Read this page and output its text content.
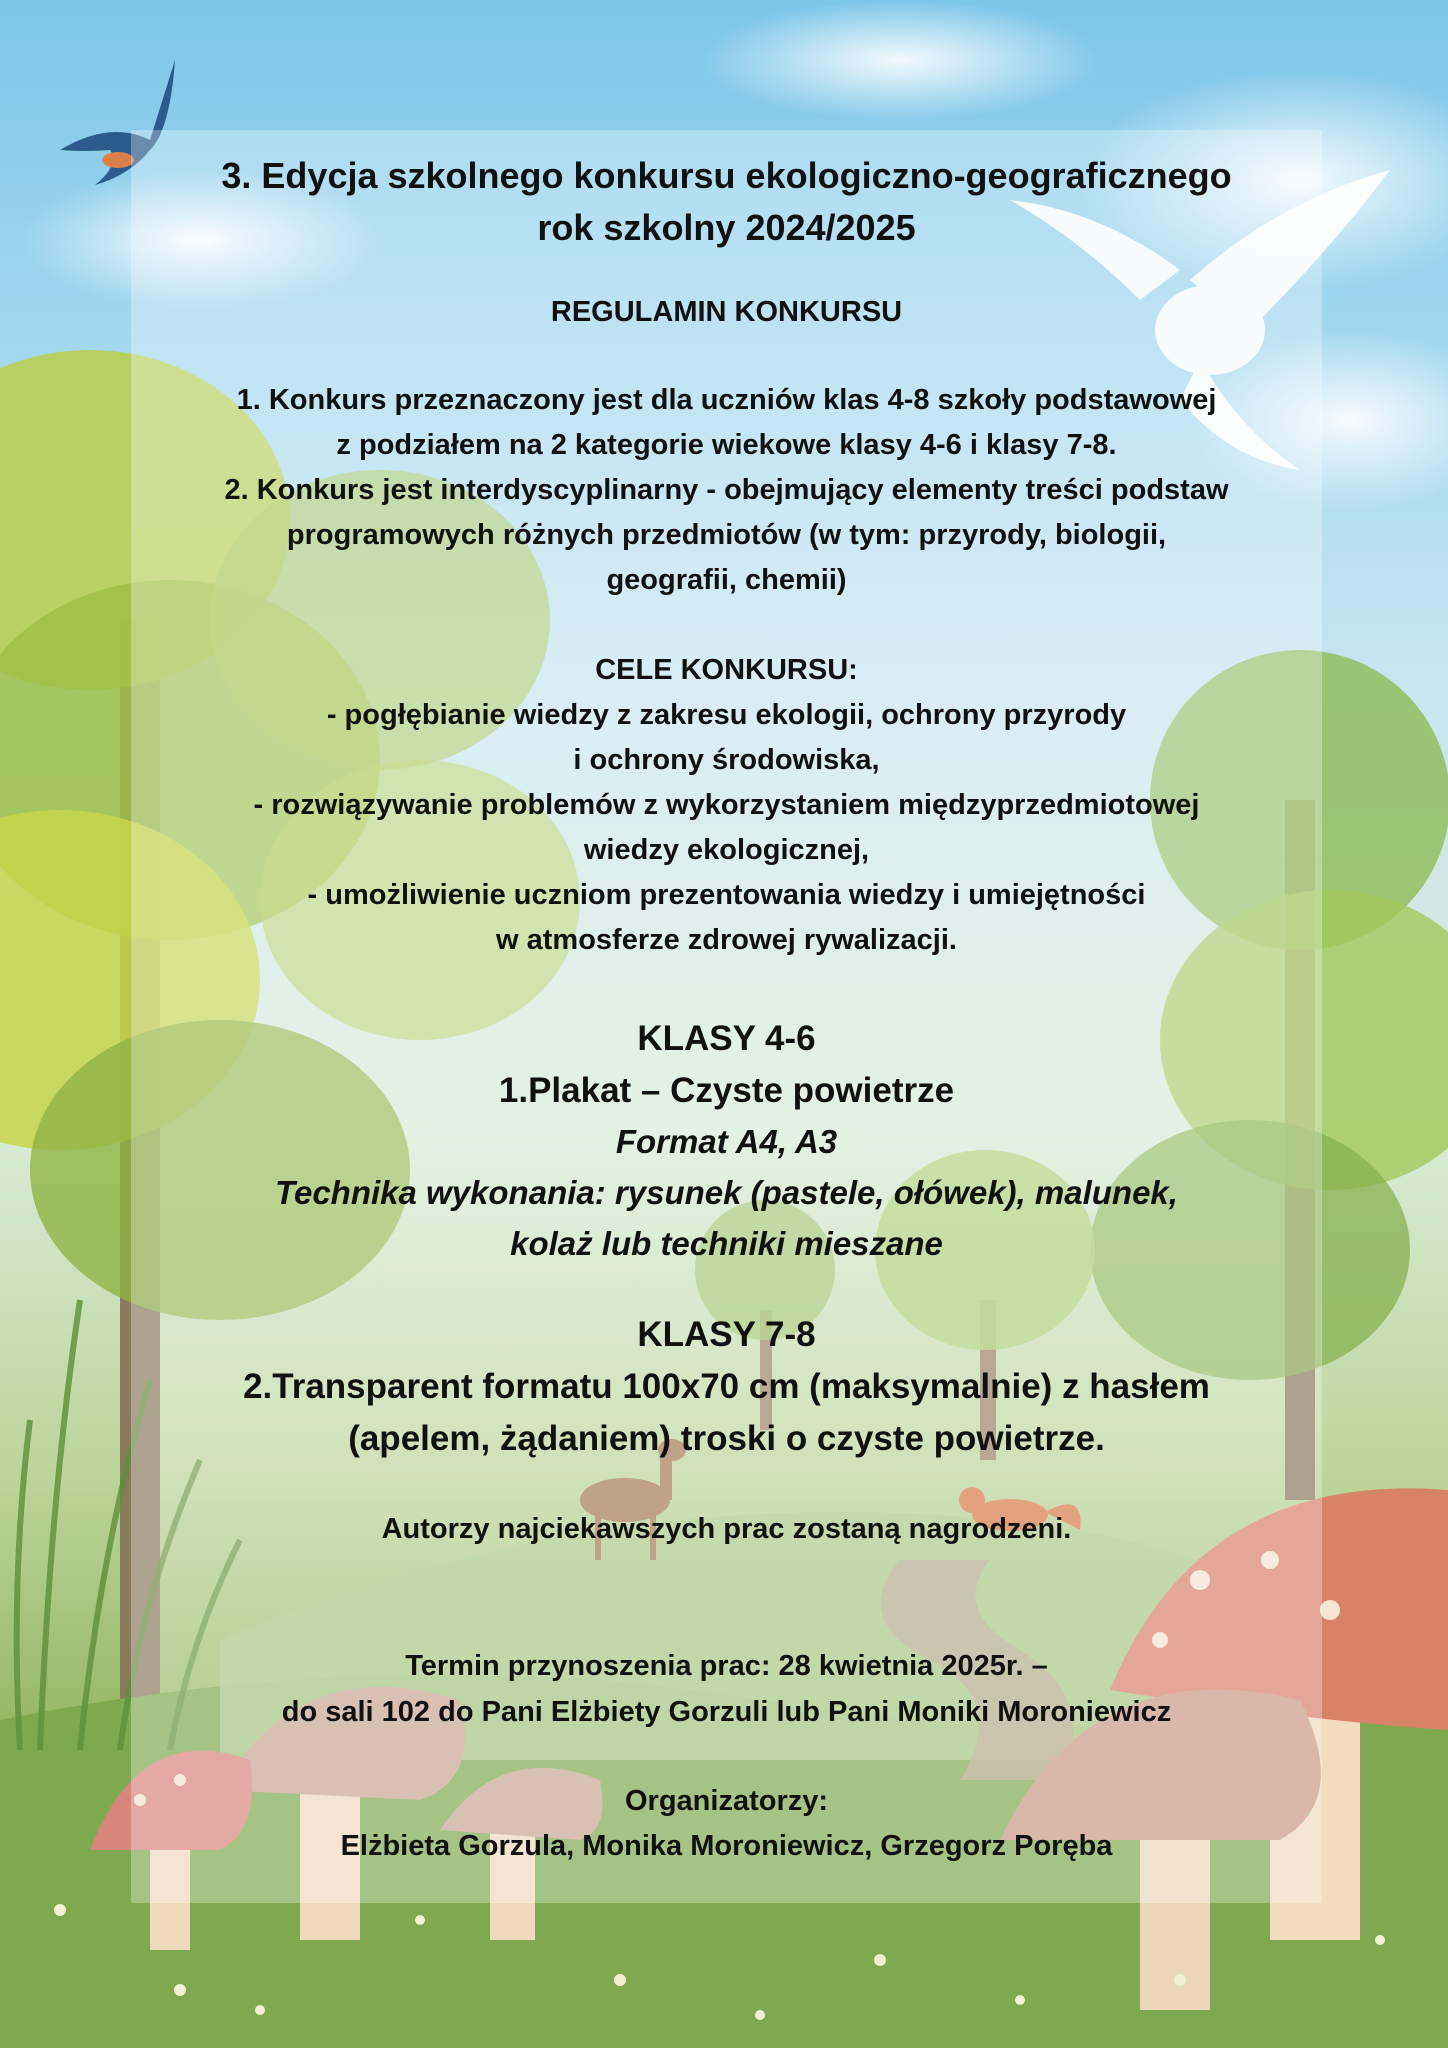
3. Edycja szkolnego konkursu ekologiczno-geograficznego
rok szkolny 2024/2025

REGULAMIN KONKURSU

1. Konkurs przeznaczony jest dla uczniów klas 4-8 szkoły podstawowej
z podziałem na 2 kategorie wiekowe klasy 4-6 i klasy 7-8.
2. Konkurs jest interdyscyplinarny - obejmujący elementy treści podstaw
programowych różnych przedmiotów (w tym: przyrody, biologii,
geografii, chemii)

CELE KONKURSU:

- pogłębianie wiedzy z zakresu ekologii, ochrony przyrody
i ochrony środowiska,
- rozwiązywanie problemów z wykorzystaniem międzyprzedmiotowej
wiedzy ekologicznej,
- umożliwienie uczniom prezentowania wiedzy i umiejętności
w atmosferze zdrowej rywalizacji.

KLASY 4-6

1.Plakat – Czyste powietrze

Format A4, A3

Technika wykonania: rysunek (pastele, ołówek), malunek,
kolaż lub techniki mieszane

KLASY 7-8

2.Transparent formatu 100x70 cm (maksymalnie) z hasłem
(apelem, żądaniem) troski o czyste powietrze.

Autorzy najciekawszych prac zostaną nagrodzeni.

Termin przynoszenia prac: 28 kwietnia 2025r. –
do sali 102 do Pani Elżbiety Gorzuli lub Pani Moniki Moroniewicz

Organizatorzy:

Elżbieta Gorzula, Monika Moroniewicz, Grzegorz Poręba
